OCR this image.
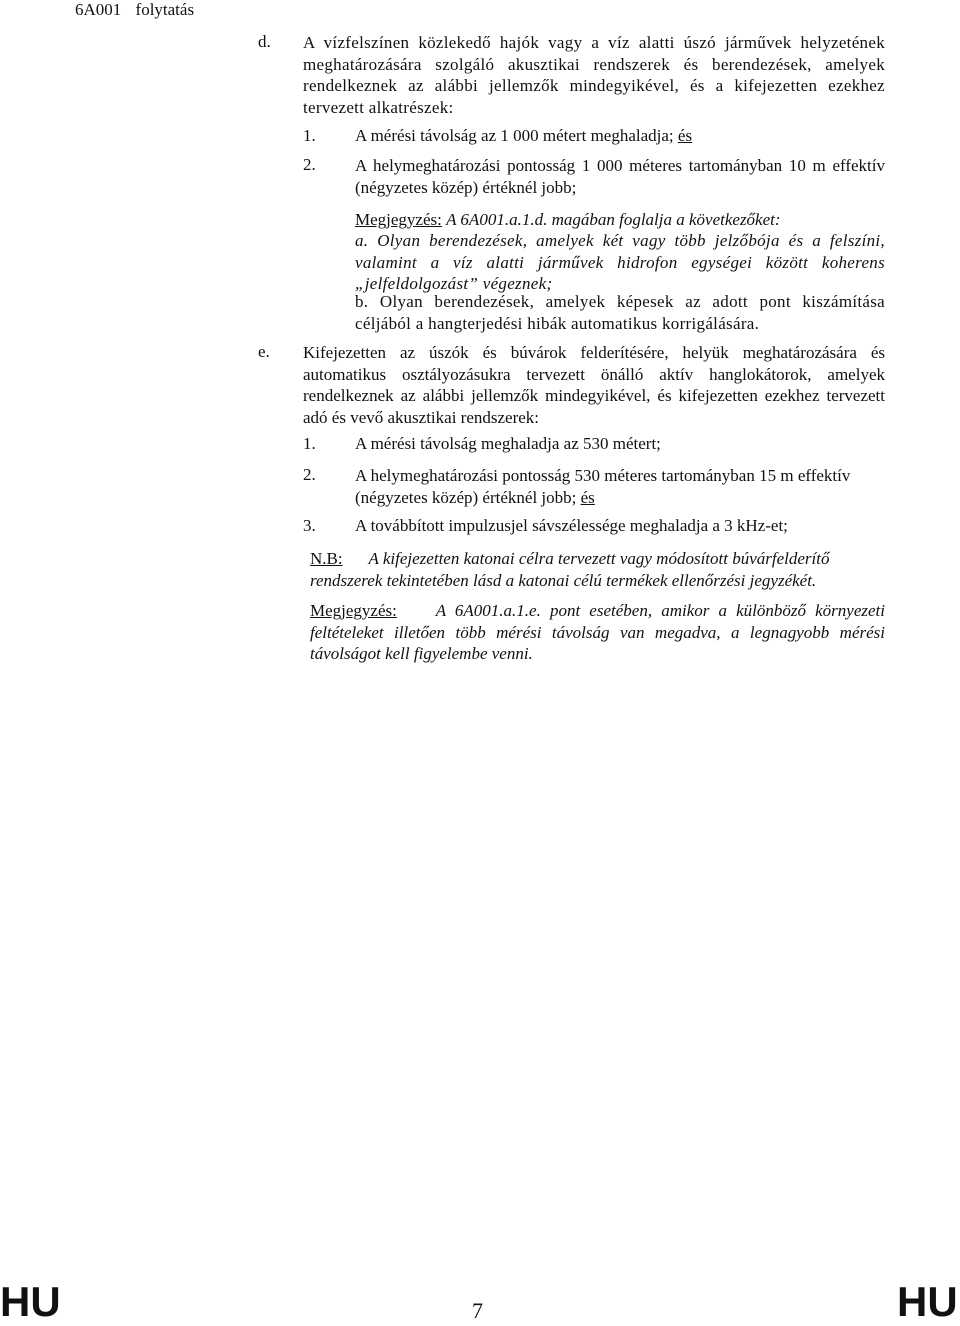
6A001 folytatás
d. A vízfelszínen közlekedő hajók vagy a víz alatti úszó járművek helyzetének meghatározására szolgáló akusztikai rendszerek és berendezések, amelyek rendelkeznek az alábbi jellemzők mindegyikével, és a kifejezetten ezekhez tervezett alkatrészek:
1. A mérési távolság az 1 000 métert meghaladja; és
2. A helymeghatározási pontosság 1 000 méteres tartományban 10 m effektív (négyzetes közép) értéknél jobb;
Megjegyzés: A 6A001.a.1.d. magában foglalja a következőket:
a. Olyan berendezések, amelyek két vagy több jelzőbója és a felszíni, valamint a víz alatti járművek hidrofon egységei között koherens „jelfeldolgozást” végeznek;
b. Olyan berendezések, amelyek képesek az adott pont kiszámítása céljából a hangterjedési hibák automatikus korrigálására.
e. Kifejezetten az úszók és búvárok felderítésére, helyük meghatározására és automatikus osztályozásukra tervezett önálló aktív hanglokátorok, amelyek rendelkeznek az alábbi jellemzők mindegyikével, és kifejezetten ezekhez tervezett adó és vevő akusztikai rendszerek:
1. A mérési távolság meghaladja az 530 métert;
2. A helymeghatározási pontosság 530 méteres tartományban 15 m effektív (négyzetes közép) értéknél jobb; és
3. A továbbított impulzusjel sávszélessége meghaladja a 3 kHz-et;
N.B: A kifejezetten katonai célra tervezett vagy módosított búvárfelderítő rendszerek tekintetében lásd a katonai célú termékek ellenőrzési jegyzékét.
Megjegyzés: A 6A001.a.1.e. pont esetében, amikor a különböző környezeti feltételeket illetően több mérési távolság van megadva, a legnagyobb mérési távolságot kell figyelembe venni.
HU	7	HU
